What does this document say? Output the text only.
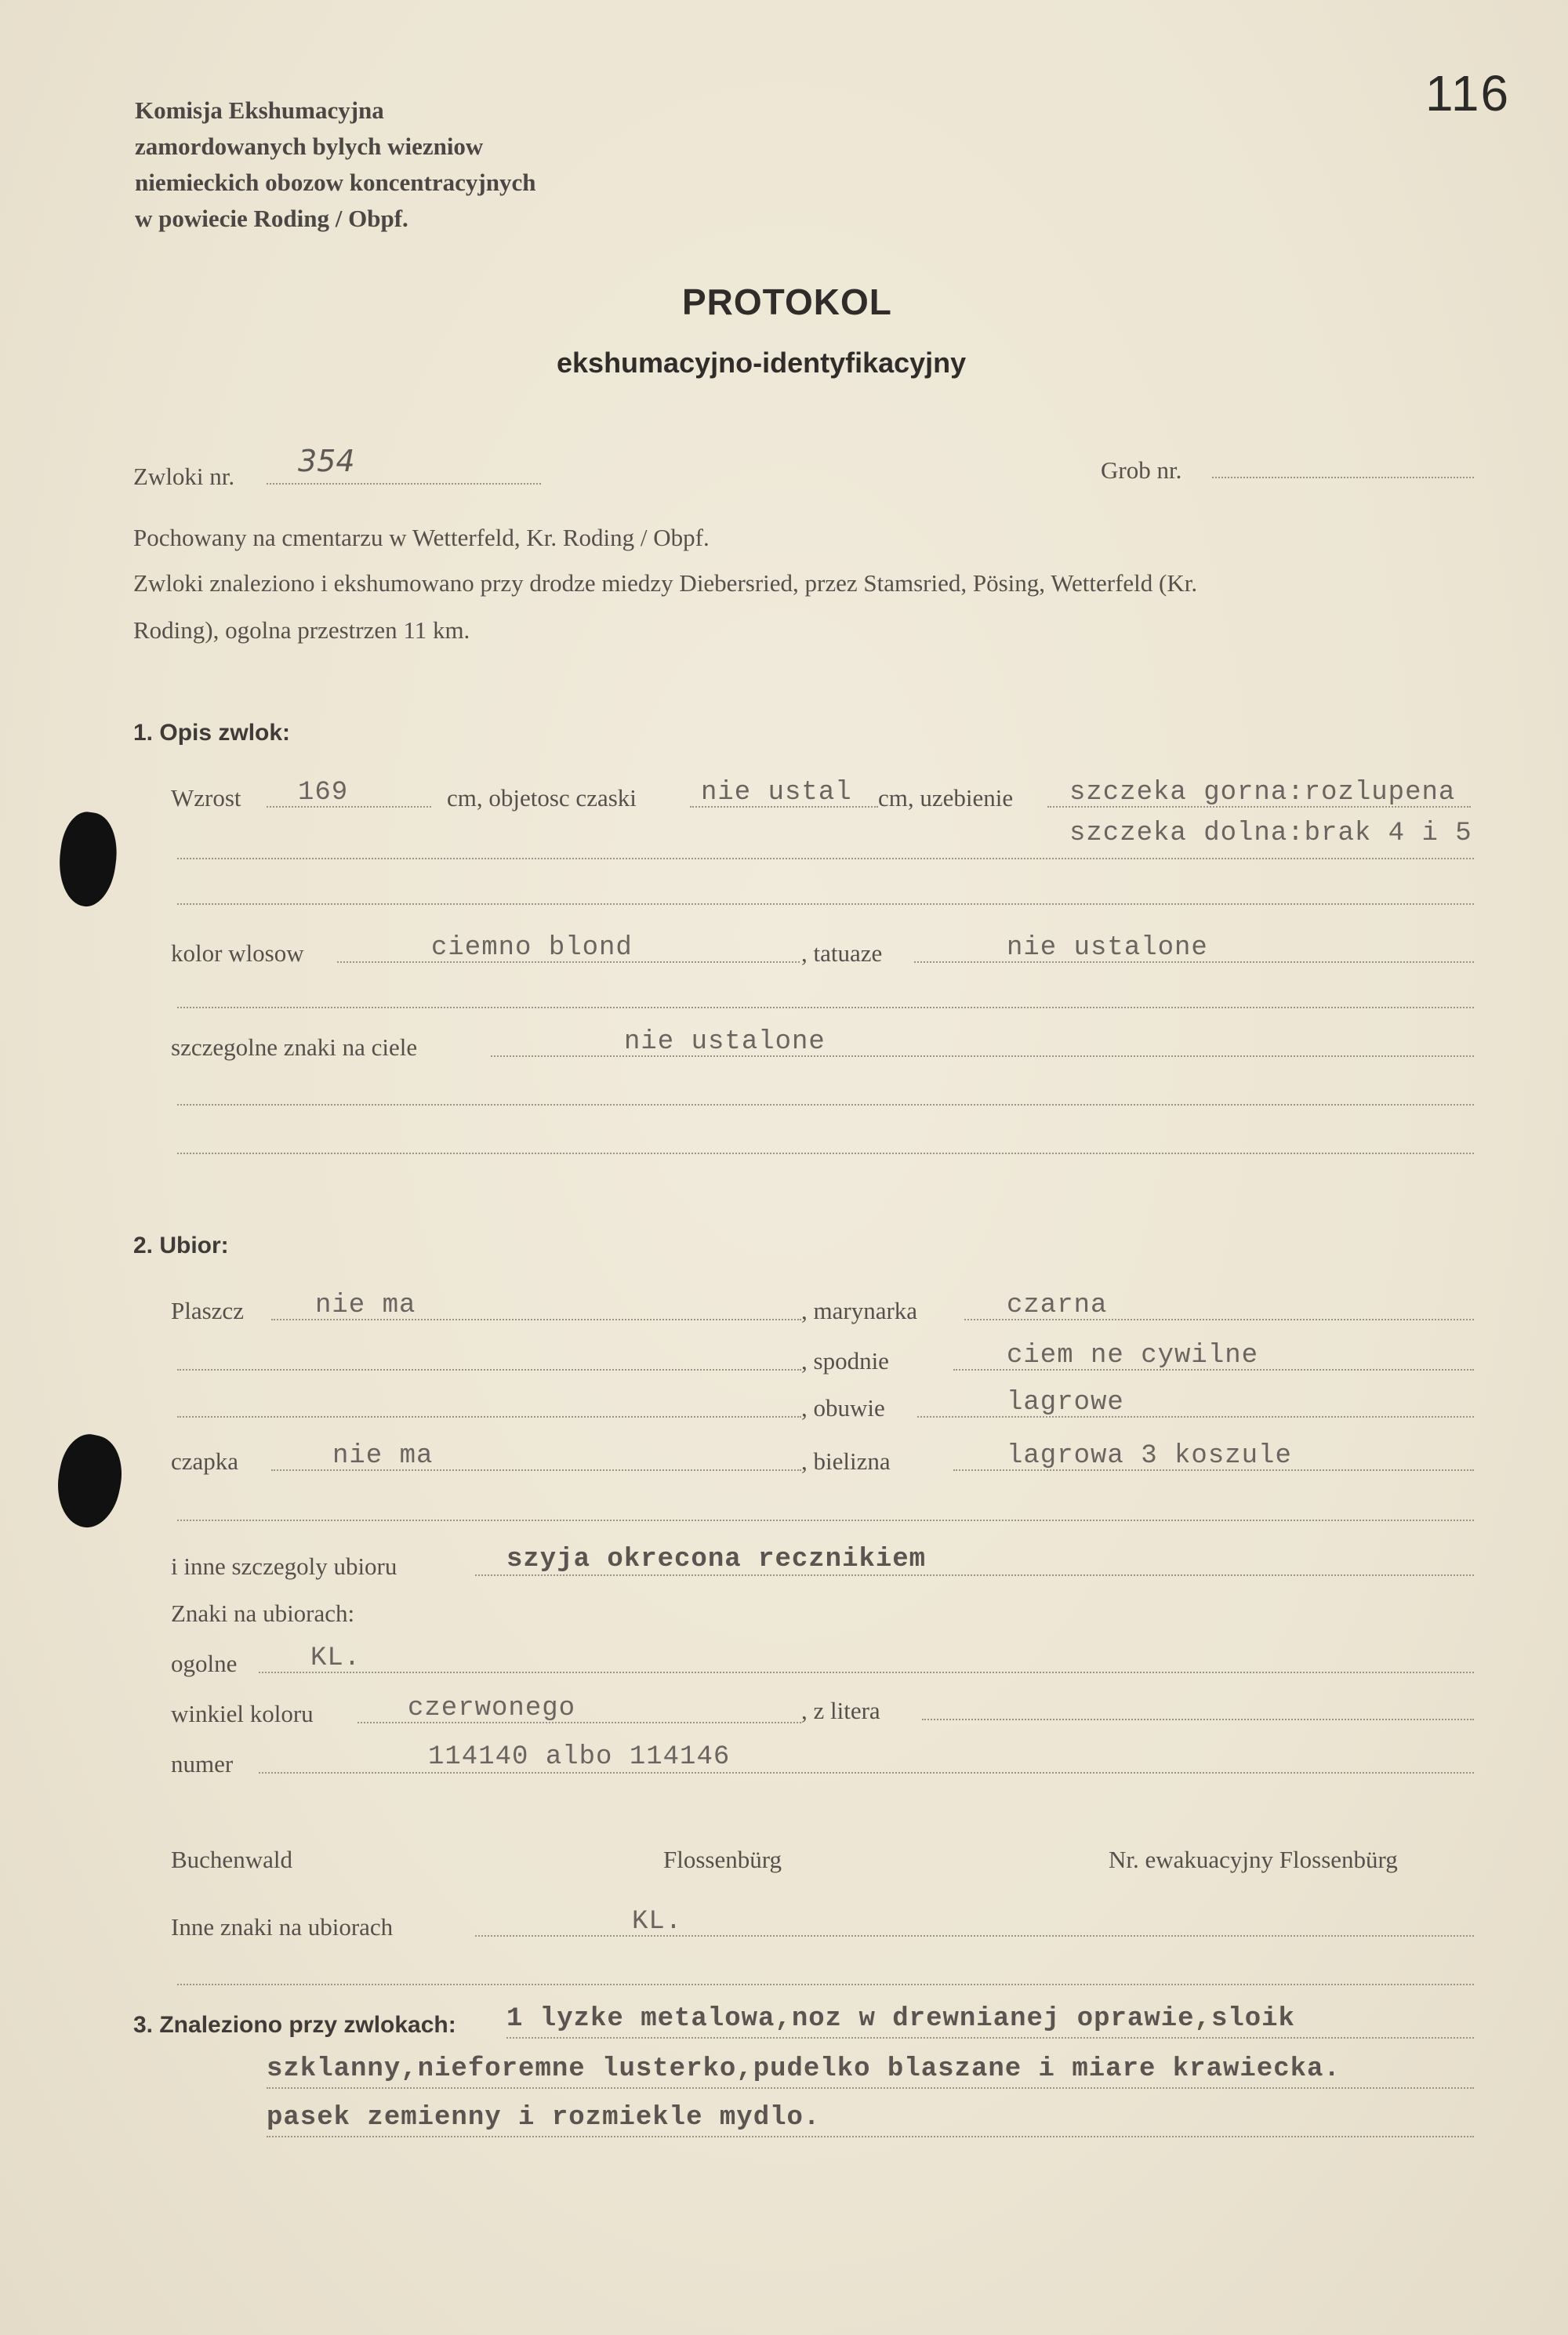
116
Komisja Ekshumacyjna
zamordowanych bylych wiezniow
niemieckich obozow koncentracyjnych
w powiecie Roding / Obpf.
PROTOKOL
ekshumacyjno-identyfikacyjny
Zwloki nr. 354	Grob nr.
Pochowany na cmentarzu w Wetterfeld, Kr. Roding / Obpf.
Zwloki znaleziono i ekshumowano przy drodze miedzy Diebersried, przez Stamsried, Pösing, Wetterfeld (Kr.
Roding), ogolna przestrzen 11 km.
1. Opis zwlok:
Wzrost 169	cm, objetosc czaski nie ustal cm, uzebienie szczeka gorna:rozlupena
szczeka dolna:brak 4 i 5
kolor wlosow	ciemno blond	, tatuaze	nie ustalone
szczegolne znaki na ciele	nie ustalone
2. Ubior:
Plaszcz	nie ma	, marynarka	czarna
, spodnie	ciem ne cywilne
, obuwie	lagrowe
czapka	nie ma	, bielizna	lagrowa 3 koszule
i inne szczegoly ubioru	szyja okrecona recznikiem
Znaki na ubiorach:
ogolne	KL.
winkiel koloru	czerwonego	, z litera
numer	114140 albo 114146
Buchenwald	Flossenbürg	Nr. ewakuacyjny Flossenbürg
Inne znaki na ubiorach	KL.
3. Znaleziono przy zwlokach: 1 lyzke metalowa,noz w drewnianej oprawie,sloik
szklanny,nieforemne lusterko,pudelko blaszane i miare krawiecka.
pasek zemienny i rozmiekle mydlo.
